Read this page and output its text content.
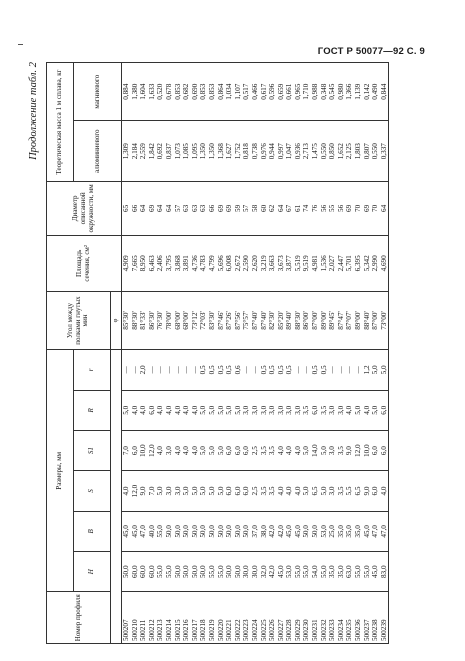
ГОСТ Р 50077—92 С. 9
Продолжение табл. 2
Номер профиля	Размеры, мм						Угол между полками гнутых мин	Площадь сечения, см²	Диаметр описанной окружности, мм	Теоретическая масса 1 м сплава, кг	
	H	B	S	S1	R	r				алюминиевого	магниевого
							φ				
500207	50,0	45,0	4,0	7,0	5,0	—	85°30'	4,909	65	1,309	0,884
500210	60,0	45,0	12,0	6,0	4,0	—	88°30'	7,665	66	2,184	1,380
500211	60,0	47,0	9,0	10,0	4,0	2,0	81°33'	8,950	64	2,559	1,604
500212	60,0	40,0	7,0	12,0	6,0	—	86°30'	6,463	69	1,842	1,633
500213	55,0	55,0	5,0	4,0	4,0	—	76°30'	2,406	64	0,692	0,520
500214	55,0	50,0	3,0	3,0	4,0	—	78°00'	3,795	64	0,837	0,678
500215	50,0	50,0	3,0	4,0	4,0	—	68°00'	3,868	57	1,073	0,853
500216	50,0	50,0	5,0	4,0	4,0	—	68°00'	3,891	63	1,085	0,682
500217	50,0	50,0	5,0	4,0	4,0	—	73°12'	4,736	63	1,095	0,690
500218	50,0	50,0	5,0	5,0	5,0	0,5	72°03'	4,783	63	1,350	0,853
500219	55,0	50,0	5,0	5,0	5,0	0,5	83°30'	4,799	66	1,350	0,853
500220	55,0	50,0	5,0	5,0	5,0	0,5	87°46'	5,696	69	1,368	0,864
500221	50,0	50,0	6,0	6,0	5,0	0,5	87°26'	6,008	69	1,627	1,034
500222	50,0	50,0	6,0	6,0	5,0	0,6	87°56'	2,672	59	1,752	1,107
500223	30,0	50,0	6,0	6,0	3,0	—	75°57'	2,590	57	0,818	0,517
500224	30,0	37,0	2,5	2,5	3,0	—	87°40'	2,620	58	0,738	0,466
500225	32,0	38,0	3,5	3,5	3,0	0,5	87°40'	3,219	60	0,976	0,617
500226	42,0	42,0	3,5	3,5	3,0	0,5	82°30'	3,663	62	0,944	0,596
500227	45,0	42,0	4,0	4,0	3,0	0,5	85°20'	3,673	64	0,997	0,659
500228	53,0	45,0	4,0	4,0	3,0	0,5	89°40'	3,877	67	1,047	0,661
500229	55,0	45,0	4,0	4,0	3,0	—	88°30'	5,519	61	0,936	0,965
500230	55,0	50,0	5,0	5,0	3,5	—	86°00'	9,519	74	2,713	1,710
500231	54,0	50,0	6,5	14,0	6,0	0,5	87°00'	4,981	76	1,475	0,988
500232	55,0	53,0	5,0	5,0	3,5	0,5	89°00'	1,536	56	0,550	0,348
500233	35,0	25,0	3,0	3,0	3,0	—	89°45'	2,027	55	0,850	0,545
500234	35,0	35,0	3,5	3,5	3,0	—	87°47'	2,447	56	1,652	0,980
500235	63,0	35,0	5,5	9,0	4,0	—	87°07'	5,701	69	2,125	1,366
500236	55,0	35,0	6,5	12,0	5,0	—	89°00'	6,395	70	1,803	1,139
500237	55,0	45,0	9,0	10,0	4,0	1,2	88°40'	5,342	69	0,807	0,142
500238	45,0	47,0	6,0	6,0	5,0	5,0	87°00'	2,990	70	0,550	0,490
500239	83,0	47,0	4,0	6,0	6,0	5,0	73°00'	4,690	64	0,337	0,844
